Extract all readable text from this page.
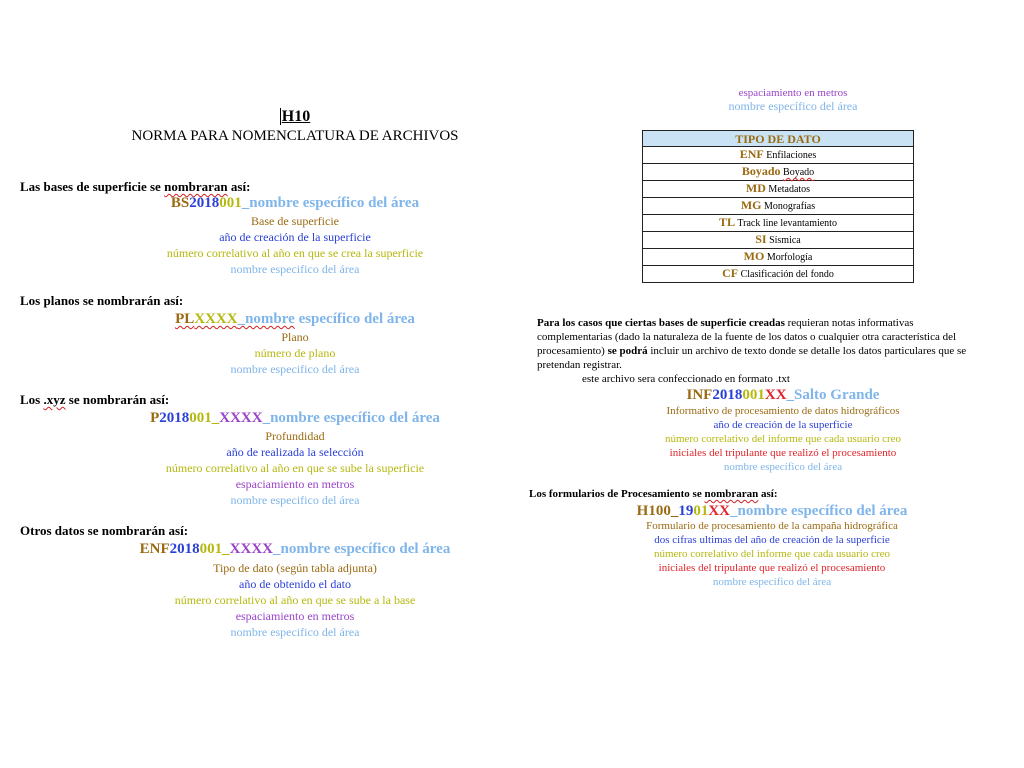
espaciamiento en metros
nombre específico del área
H10
NORMA PARA NOMENCLATURA DE ARCHIVOS
Las bases de superficie se nombraran así:
BS2018001_nombre específico del área
Base de superficie
año de creación de la superficie
número correlativo al año en que se crea la superficie
nombre especifico del área
Los planos se nombrarán así:
PLXXXX_nombre específico del área
Plano
número de plano
nombre especifico del área
Los .xyz se nombrarán así:
P2018001_XXXX_nombre específico del área
Profundidad
año de realizada la selección
número correlativo al año en que se sube la superficie
espaciamiento en metros
nombre especifico del área
Otros datos se nombrarán así:
ENF2018001_XXXX_nombre específico del área
Tipo de dato (según tabla adjunta)
año de obtenido el dato
número correlativo al año en que se sube a la base
espaciamiento en metros
nombre especifico del área
TIPO DE DATO
ENF Enfilaciones
Boyado Boyado
MD Metadatos
MG Monografías
TL Track line levantamiento
SI Sísmica
MO Morfología
CF Clasificación del fondo
Para los casos que ciertas bases de superficie creadas requieran notas informativas
complementarias (dado la naturaleza de la fuente de los datos o cualquier otra característica del
procesamiento) se podrá incluir un archivo de texto donde se detalle los datos particulares que se
pretendan registrar.
este archivo sera confeccionado en formato .txt
INF2018001XX_Salto Grande
Informativo de procesamiento de datos hidrográficos
año de creación de la superficie
número correlativo del informe que cada usuario creo
iniciales del tripulante que realizó el procesamiento
nombre específico del área
Los formularios de Procesamiento se nombraran así:
H100_1901XX_nombre específico del área
Formulario de procesamiento de la campaña hidrográfica
dos cifras ultimas del año de creación de la superficie
número correlativo del informe que cada usuario creo
iniciales del tripulante que realizó el procesamiento
nombre específico del área
